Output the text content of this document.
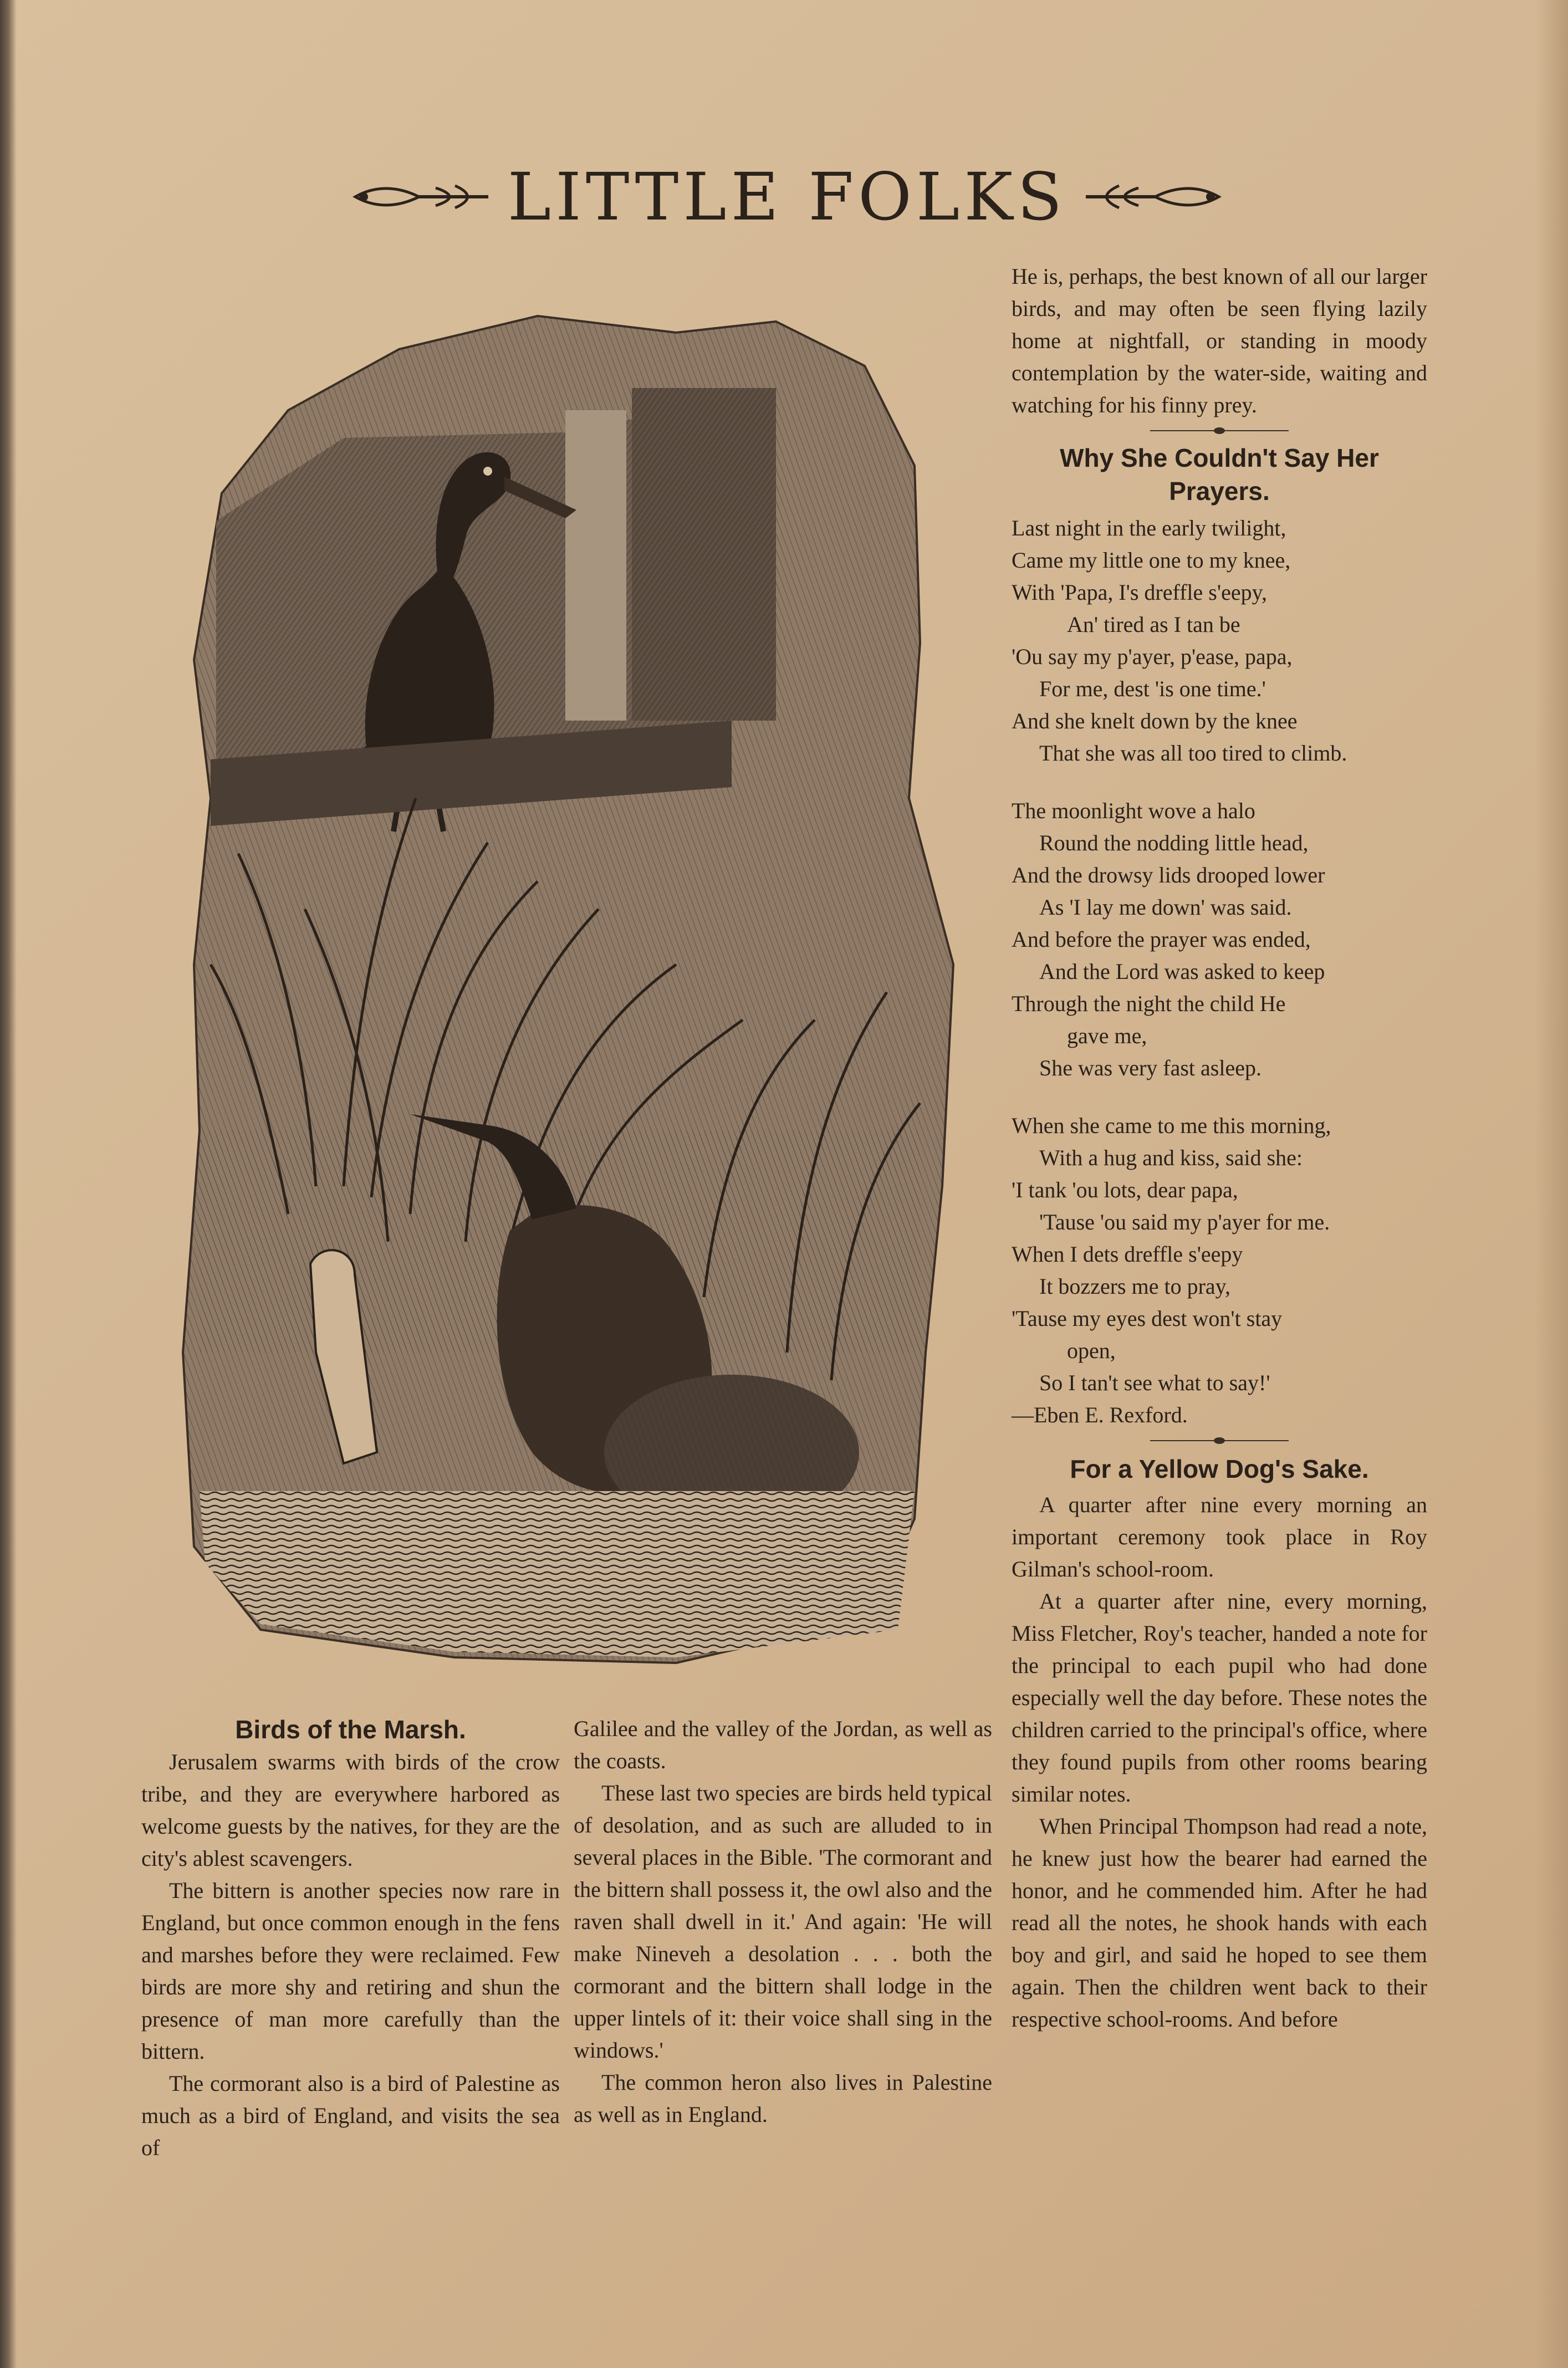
LITTLE FOLKS
Birds of the Marsh.

Jerusalem swarms with birds of the crow tribe, and they are everywhere harbored as welcome guests by the natives, for they are the city's ablest scavengers.

The bittern is another species now rare in England, but once common enough in the fens and marshes before they were reclaimed. Few birds are more shy and retiring and shun the presence of man more carefully than the bittern.

The cormorant also is a bird of Palestine as much as a bird of England, and visits the sea of

Galilee and the valley of the Jordan, as well as the coasts.

These last two species are birds held typical of desolation, and as such are alluded to in several places in the Bible. 'The cormorant and the bittern shall possess it, the owl also and the raven shall dwell in it.' And again: 'He will make Nineveh a desolation . . . both the cormorant and the bittern shall lodge in the upper lintels of it: their voice shall sing in the windows.'

The common heron also lives in Palestine as well as in England.

He is, perhaps, the best known of all our larger birds, and may often be seen flying lazily home at nightfall, or standing in moody contemplation by the water-side, waiting and watching for his finny prey.

Why She Couldn't Say Her Prayers.
Last night in the early twilight,
Came my little one to my knee,
With 'Papa, I's dreffle s'eepy,
An' tired as I tan be
'Ou say my p'ayer, p'ease, papa,
For me, dest 'is one time.'
And she knelt down by the knee
That she was all too tired to climb.
The moonlight wove a halo
Round the nodding little head,
And the drowsy lids drooped lower
As 'I lay me down' was said.
And before the prayer was ended,
And the Lord was asked to keep
Through the night the child He
gave me,
She was very fast asleep.
When she came to me this morning,
With a hug and kiss, said she:
'I tank 'ou lots, dear papa,
'Tause 'ou said my p'ayer for me.
When I dets dreffle s'eepy
It bozzers me to pray,
'Tause my eyes dest won't stay
open,
So I tan't see what to say!'
—Eben E. Rexford.
For a Yellow Dog's Sake.

A quarter after nine every morning an important ceremony took place in Roy Gilman's school-room.

At a quarter after nine, every morning, Miss Fletcher, Roy's teacher, handed a note for the principal to each pupil who had done especially well the day before. These notes the children carried to the principal's office, where they found pupils from other rooms bearing similar notes.

When Principal Thompson had read a note, he knew just how the bearer had earned the honor, and he commended him. After he had read all the notes, he shook hands with each boy and girl, and said he hoped to see them again. Then the children went back to their respective school-rooms. And before
